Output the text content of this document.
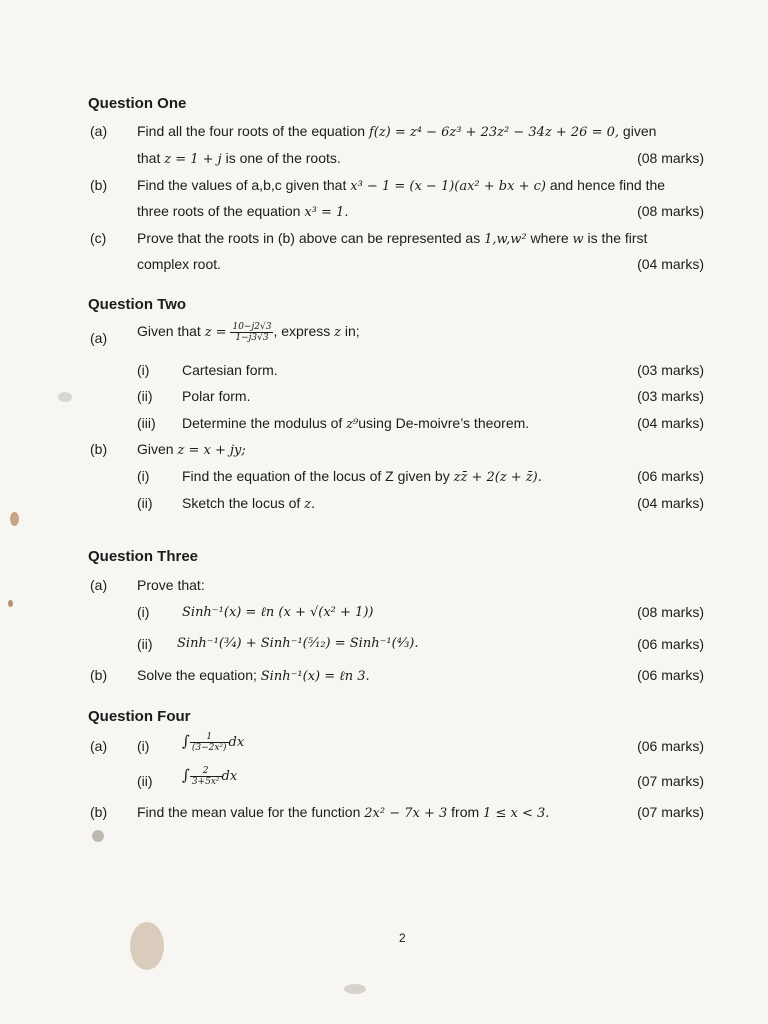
Question One
(a) Find all the four roots of the equation f(z) = z⁴ − 6z³ + 23z² − 34z + 26 = 0, given
that z = 1 + j is one of the roots.	(08 marks)
(b) Find the values of a,b,c given that x³ − 1 = (x − 1)(ax² + bx + c) and hence find the
three roots of the equation x³ = 1.	(08 marks)
(c) Prove that the roots in (b) above can be represented as 1,w,w² where w is the first
complex root.	(04 marks)
Question Two
(a) Given that $z = \frac{10-j2√3}{1-j3√3}$ , express z in;
(i) Cartesian form.	(03 marks)
(ii) Polar form.	(03 marks)
(iii) Determine the modulus of z⁹using De-moivre’s theorem.	(04 marks)
(b) Given z = x + jy;
(i) Find the equation of the locus of Z given by zz̄ + 2(z + z̄).	(06 marks)
(ii) Sketch the locus of z.	(04 marks)
Question Three
(a) Prove that:
(i)	Sinh⁻¹(x) = ℓn (x + √(x² + 1))	(08 marks)
(ii) Sinh⁻¹(³⁄₄) + Sinh⁻¹(⁵⁄₁₂) = Sinh⁻¹(⁴⁄₃).	(06 marks)
(b) Solve the equation; Sinh⁻¹(x) = ℓn 3.	(06 marks)
Question Four
(a) (i) ∫ $\frac{1}{\text{(3−2x²)}}$ dx	(06 marks)
(ii) ∫ $\frac{2}{\text{3+5x²}}$ dx	(07 marks)
(b) Find the mean value for the function 2x² − 7x + 3 from 1 ≤ x < 3.	(07 marks)
2
